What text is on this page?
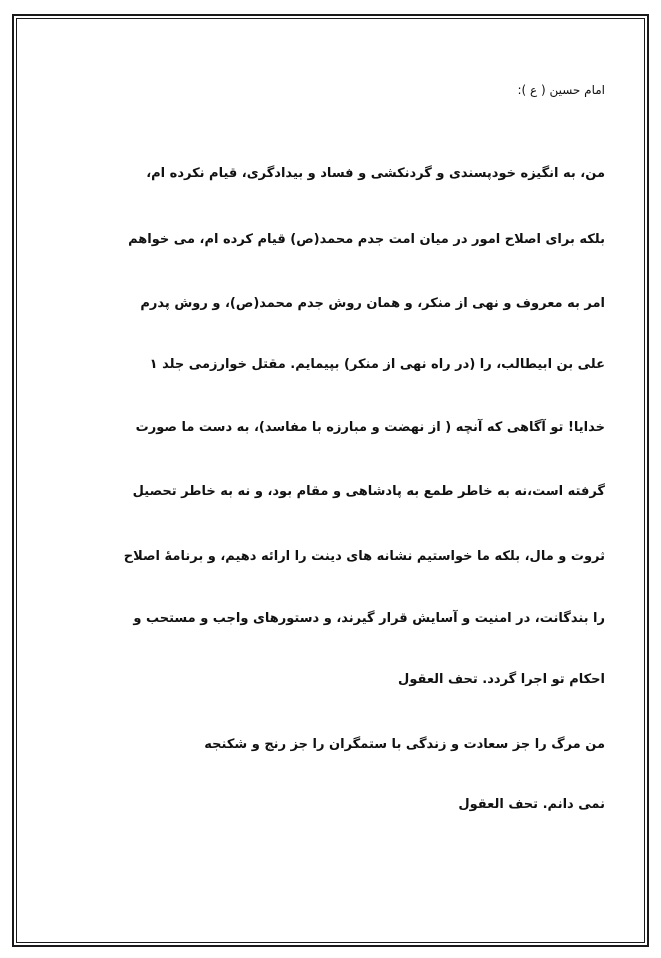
امام حسین ( ع ):
من، به انگیزه خودپسندی و گردنکشی و فساد و بیدادگری، قیام نکرده ام،
بلکه برای اصلاح امور در میان امت جدم محمد(ص) قیام کرده ام، می خواهم
امر به معروف و نهی از منکر، و همان روش جدم محمد(ص)، و روش پدرم
علی بن ابیطالب، را (در راه نهی از منکر) بپیمایم. مقتل خوارزمی جلد ۱
خدایا! تو آگاهی که آنچه ( از نهضت و مبارزه با مفاسد)، به دست ما صورت
گرفته است،نه به خاطر طمع به پادشاهی و مقام بود، و نه به خاطر تحصیل
ثروت و مال، بلکه ما خواستیم نشانه های دینت را ارائه دهیم، و برنامهٔ اصلاح
را بندگانت، در امنیت و آسایش قرار گیرند، و دستورهای واجب و مستحب و
احکام تو اجرا گردد. تحف العقول
من مرگ را جز سعادت و زندگی با ستمگران را جز رنج و شکنجه
نمی دانم. تحف العقول
